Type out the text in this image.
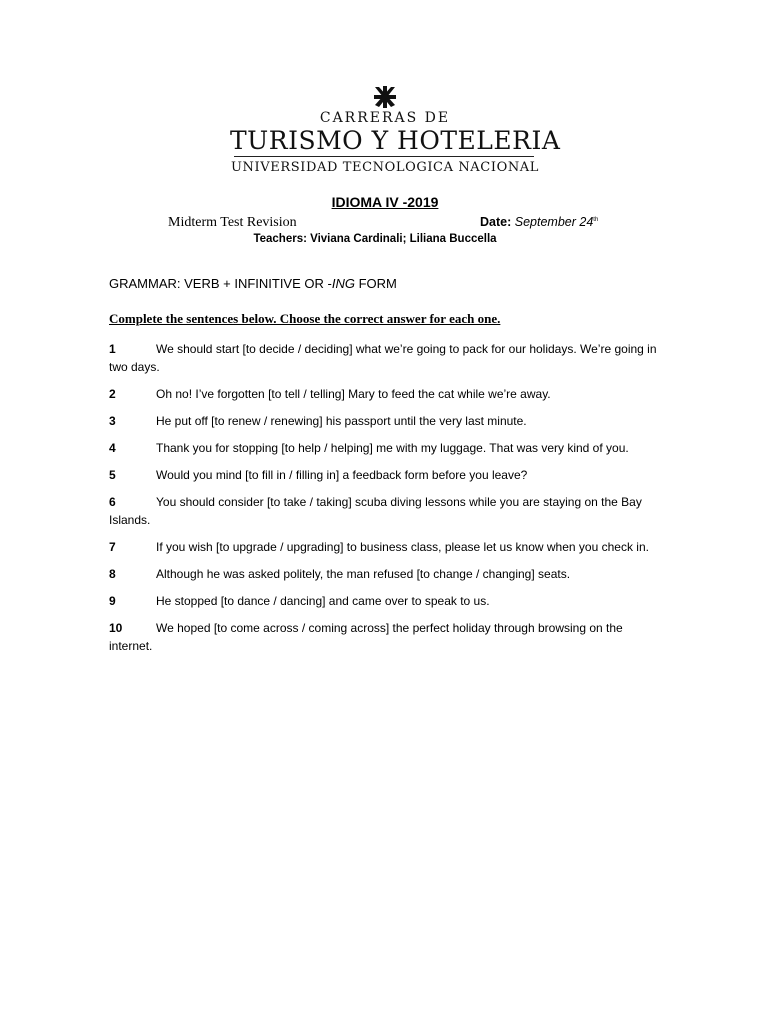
CARRERAS DE
TURISMO Y HOTELERIA
UNIVERSIDAD TECNOLOGICA NACIONAL
IDIOMA IV -2019
Midterm Test Revision	Date: September 24th
Teachers: Viviana Cardinali; Liliana Buccella
GRAMMAR: VERB + INFINITIVE OR -ING FORM
Complete the sentences below. Choose the correct answer for each one.
1	We should start [to decide / deciding] what we’re going to pack for our holidays. We’re going in two days.
2	Oh no! I’ve forgotten [to tell / telling] Mary to feed the cat while we’re away.
3	He put off [to renew / renewing] his passport until the very last minute.
4	Thank you for stopping [to help / helping] me with my luggage. That was very kind of you.
5	Would you mind [to fill in / filling in] a feedback form before you leave?
6	You should consider [to take / taking] scuba diving lessons while you are staying on the Bay Islands.
7	If you wish [to upgrade / upgrading] to business class, please let us know when you check in.
8	Although he was asked politely, the man refused [to change / changing] seats.
9	He stopped [to dance / dancing] and came over to speak to us.
10	We hoped [to come across / coming across] the perfect holiday through browsing on the internet.
